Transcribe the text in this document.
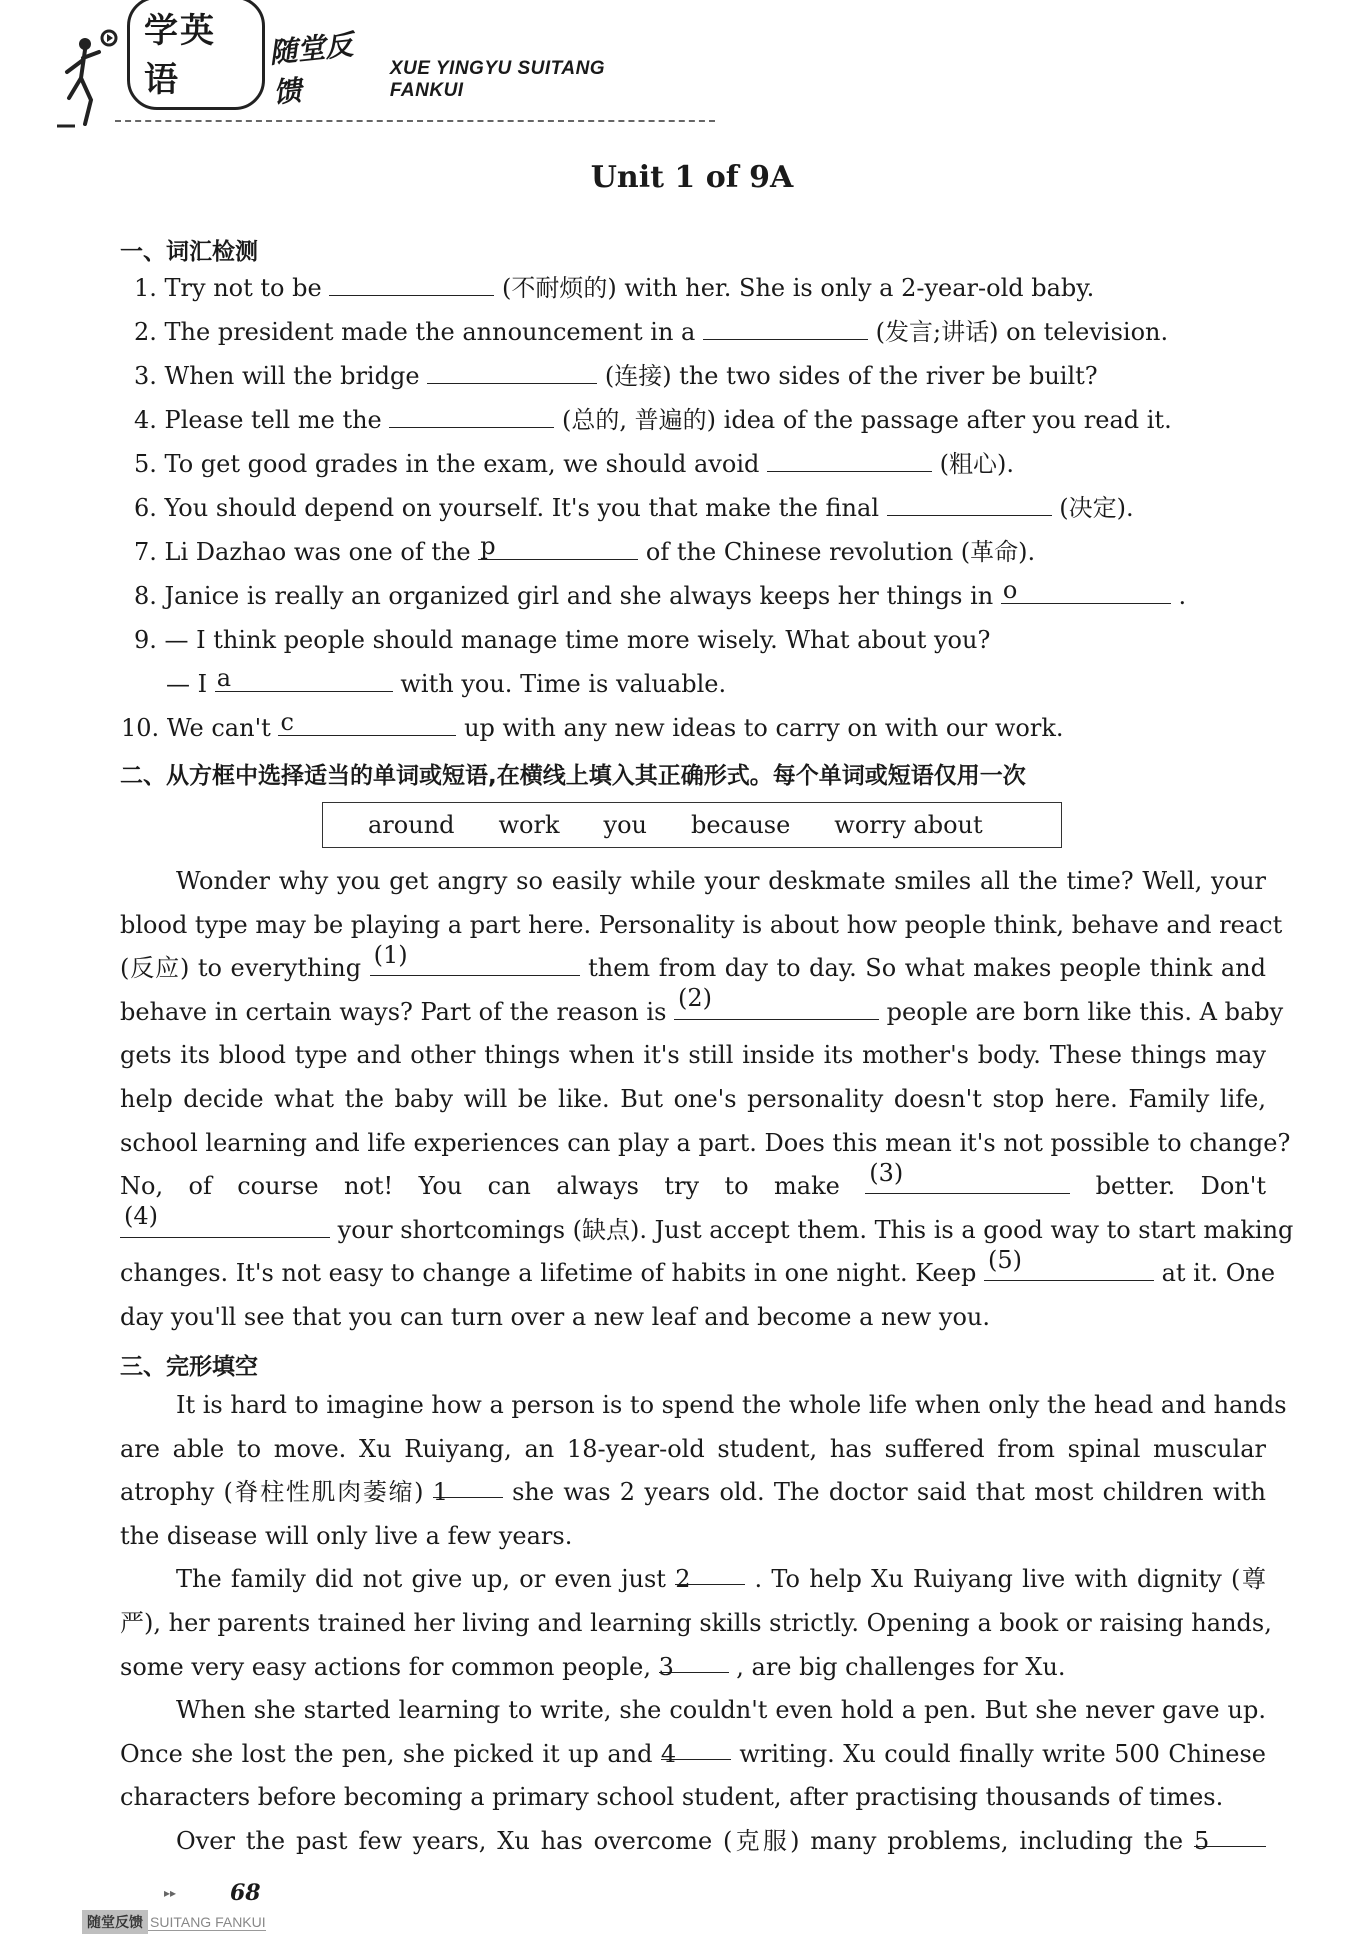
学英语
随堂反馈
XUE YINGYU SUITANG FANKUI
Unit 1 of 9A
一、词汇检测
1. Try not to be	(不耐烦的) with her. She is only a 2-year-old baby.
2. The president made the announcement in a	(发言;讲话) on television.
3. When will the bridge	(连接) the two sides of the river be built?
4. Please tell me the	(总的, 普遍的) idea of the passage after you read it.
5. To get good grades in the exam, we should avoid	(粗心).
6. You should depend on yourself. It's you that make the final	(决定).
7. Li Dazhao was one of the p	of the Chinese revolution (革命).
8. Janice is really an organized girl and she always keeps her things in o	.
9. — I think people should manage time more wisely. What about you?
— I a	with you. Time is valuable.
10. We can't c	up with any new ideas to carry on with our work.
二、从方框中选择适当的单词或短语,在横线上填入其正确形式。每个单词或短语仅用一次
around work you because worry about
Wonder why you get angry so easily while your deskmate smiles all the time? Well, your
blood type may be playing a part here. Personality is about how people think, behave and react
(反应) to everything (1)	them from day to day. So what makes people think and
behave in certain ways? Part of the reason is (2)	people are born like this. A baby
gets its blood type and other things when it's still inside its mother's body. These things may
help decide what the baby will be like. But one's personality doesn't stop here. Family life,
school learning and life experiences can play a part. Does this mean it's not possible to change?
No, of course not! You can always try to make (3)	better. Don't
(4)	your shortcomings (缺点). Just accept them. This is a good way to start making
changes. It's not easy to change a lifetime of habits in one night. Keep (5)	at it. One
day you'll see that you can turn over a new leaf and become a new you.
三、完形填空
It is hard to imagine how a person is to spend the whole life when only the head and hands
are able to move. Xu Ruiyang, an 18-year-old student, has suffered from spinal muscular
atrophy (脊柱性肌肉萎缩) 1	she was 2 years old. The doctor said that most children with
the disease will only live a few years.
The family did not give up, or even just 2	. To help Xu Ruiyang live with dignity (尊
严), her parents trained her living and learning skills strictly. Opening a book or raising hands,
some very easy actions for common people, 3	, are big challenges for Xu.
When she started learning to write, she couldn't even hold a pen. But she never gave up.
Once she lost the pen, she picked it up and 4	writing. Xu could finally write 500 Chinese
characters before becoming a primary school student, after practising thousands of times.
Over the past few years, Xu has overcome (克服) many problems, including the 5
▸▸ 68
随堂反馈 SUITANG FANKUI
